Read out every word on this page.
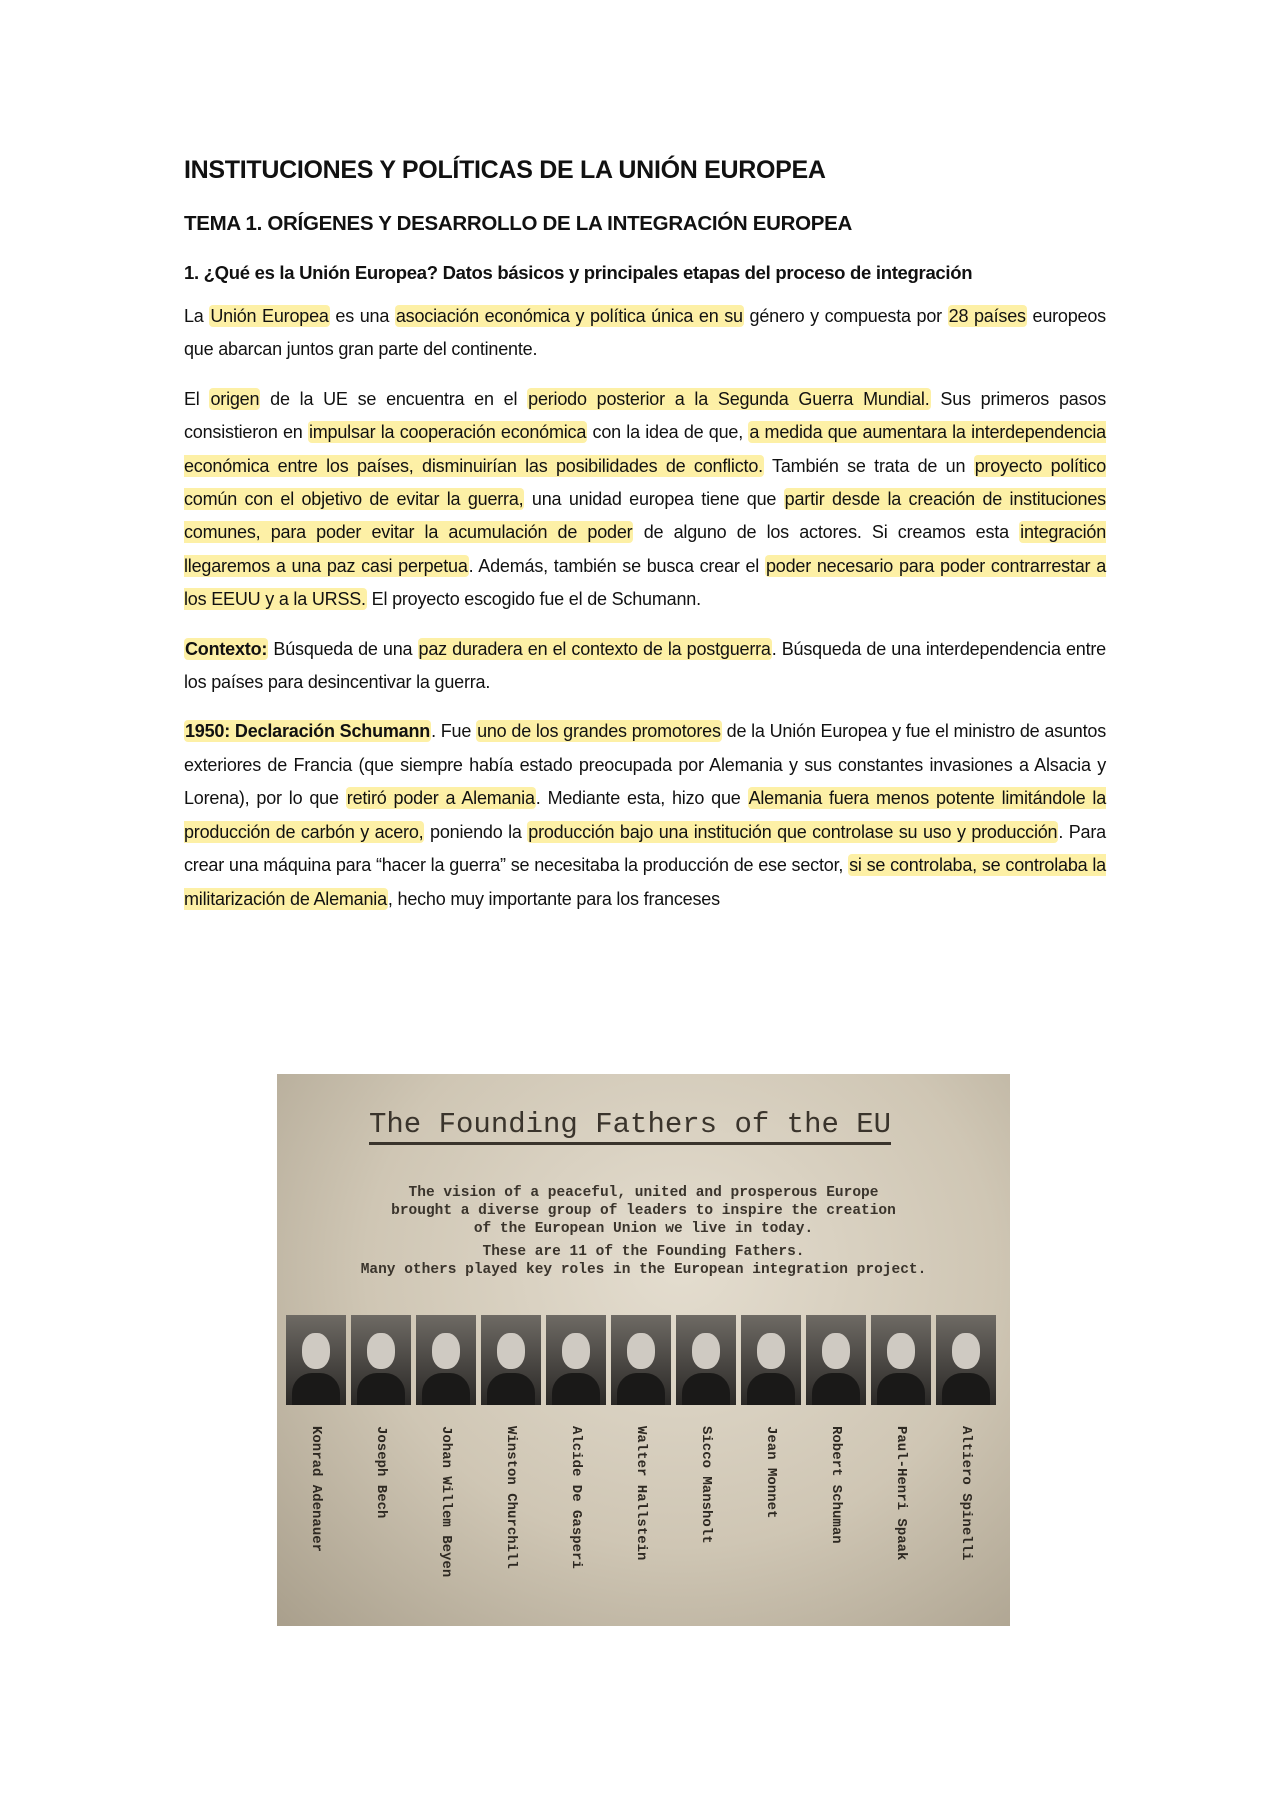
INSTITUCIONES Y POLÍTICAS DE LA UNIÓN EUROPEA
TEMA 1. ORÍGENES Y DESARROLLO DE LA INTEGRACIÓN EUROPEA
1. ¿Qué es la Unión Europea? Datos básicos y principales etapas del proceso de integración

La Unión Europea es una asociación económica y política única en su género y compuesta por 28 países europeos que abarcan juntos gran parte del continente.

El origen de la UE se encuentra en el periodo posterior a la Segunda Guerra Mundial. Sus primeros pasos consistieron en impulsar la cooperación económica con la idea de que, a medida que aumentara la interdependencia económica entre los países, disminuirían las posibilidades de conflicto. También se trata de un proyecto político común con el objetivo de evitar la guerra, una unidad europea tiene que partir desde la creación de instituciones comunes, para poder evitar la acumulación de poder de alguno de los actores. Si creamos esta integración llegaremos a una paz casi perpetua. Además, también se busca crear el poder necesario para poder contrarrestar a los EEUU y a la URSS. El proyecto escogido fue el de Schumann.

Contexto: Búsqueda de una paz duradera en el contexto de la postguerra. Búsqueda de una interdependencia entre los países para desincentivar la guerra.

1950: Declaración Schumann. Fue uno de los grandes promotores de la Unión Europea y fue el ministro de asuntos exteriores de Francia (que siempre había estado preocupada por Alemania y sus constantes invasiones a Alsacia y Lorena), por lo que retiró poder a Alemania. Mediante esta, hizo que Alemania fuera menos potente limitándole la producción de carbón y acero, poniendo la producción bajo una institución que controlase su uso y producción. Para crear una máquina para “hacer la guerra” se necesitaba la producción de ese sector, si se controlaba, se controlaba la militarización de Alemania, hecho muy importante para los franceses

The Founding Fathers of the EU
The vision of a peaceful, united and prosperous Europe
brought a diverse group of leaders to inspire the creation
of the European Union we live in today.
These are 11 of the Founding Fathers.
Many others played key roles in the European integration project.
Konrad Adenauer	Joseph Bech	Johan Willem Beyen	Winston Churchill	Alcide De Gasperi	Walter Hallstein	Sicco Mansholt	Jean Monnet	Robert Schuman	Paul-Henri Spaak	Altiero Spinelli
